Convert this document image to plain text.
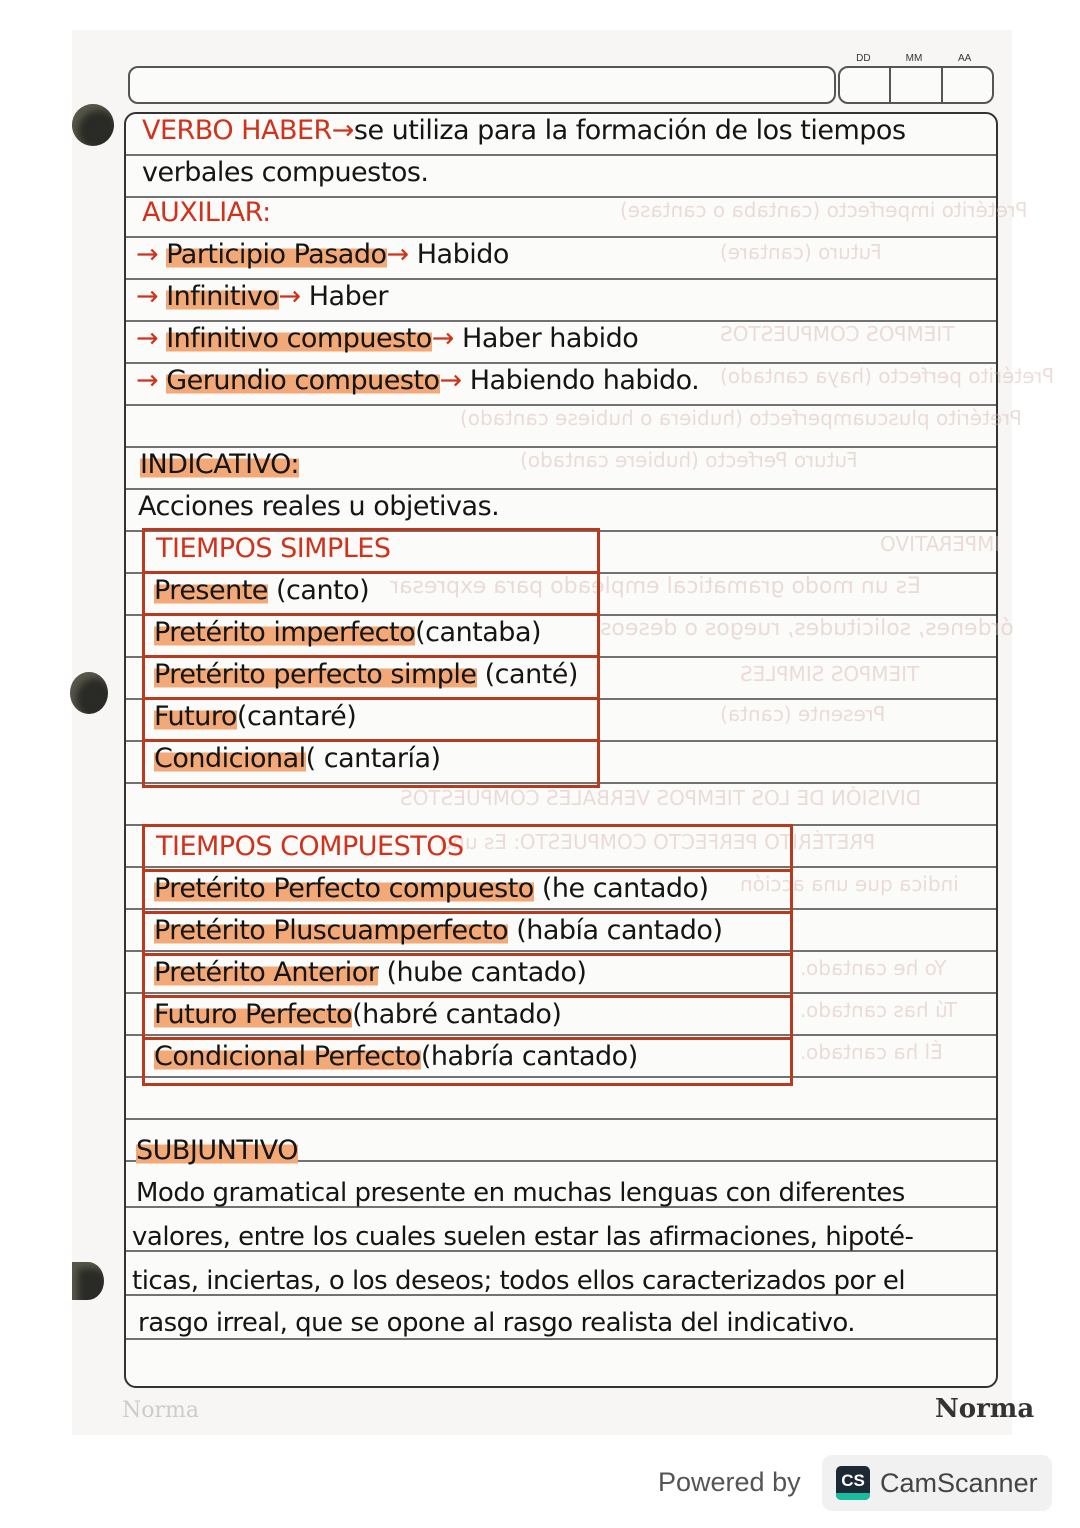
DD	MM	AA
Pretérito imperfecto (cantaba o cantase)
Futuro (cantare)
TIEMPOS COMPUESTOS
Pretérito perfecto (haya cantado)
Pretérito pluscuamperfecto (hubiera o hubiese cantado)
Futuro Perfecto (hubiere cantado)
IMPERATIVO
Es un modo gramatical empleado para expresar
órdenes, solicitudes, ruegos o deseos
TIEMPOS SIMPLES
Presente (canta)
DIVISIÓN DE LOS TIEMPOS VERBALES COMPUESTOS
PRETÉRITO PERFECTO COMPUESTO: Es uno
indica que una acción
Yo he cantado.
Tú has cantado.
Él ha cantado.
VERBO HABER→se utiliza para la formación de los tiempos
verbales compuestos.
AUXILIAR:
→ Participio Pasado→ Habido
→ Infinitivo→ Haber
→ Infinitivo compuesto→ Haber habido
→ Gerundio compuesto→ Habiendo habido.
INDICATIVO:
Acciones reales u objetivas.
TIEMPOS SIMPLES
Presente (canto)
Pretérito imperfecto(cantaba)
Pretérito perfecto simple (canté)
Futuro(cantaré)
Condicional( cantaría)
TIEMPOS COMPUESTOS
Pretérito Perfecto compuesto (he cantado)
Pretérito Pluscuamperfecto (había cantado)
Pretérito Anterior (hube cantado)
Futuro Perfecto(habré cantado)
Condicional Perfecto(habría cantado)
SUBJUNTIVO
Modo gramatical presente en muchas lenguas con diferentes
valores, entre los cuales suelen estar las afirmaciones, hipoté-
ticas, inciertas, o los deseos; todos ellos caracterizados por el
rasgo irreal, que se opone al rasgo realista del indicativo.
Norma	Norma
Powered by	CS CamScanner
